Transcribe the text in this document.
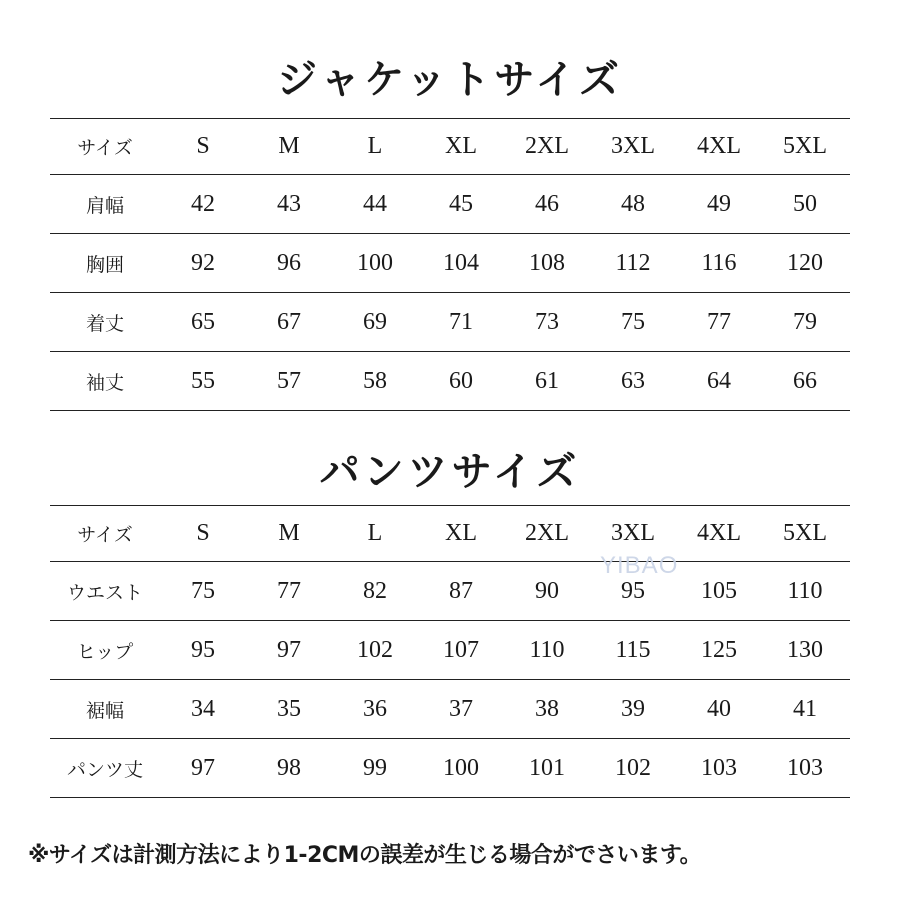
ジャケットサイズ
サイズ	S	M	L	XL	2XL	3XL	4XL	5XL
肩幅	42	43	44	45	46	48	49	50
胸囲	92	96	100	104	108	112	116	120
着丈	65	67	69	71	73	75	77	79
袖丈	55	57	58	60	61	63	64	66
パンツサイズ
サイズ	S	M	L	XL	2XL	3XL	4XL	5XL
ウエスト	75	77	82	87	90	95	105	110
ヒップ	95	97	102	107	110	115	125	130
裾幅	34	35	36	37	38	39	40	41
パンツ丈	97	98	99	100	101	102	103	103
YIBAO
※サイズは計測方法により1-2CMの誤差が生じる場合がでさいます。
